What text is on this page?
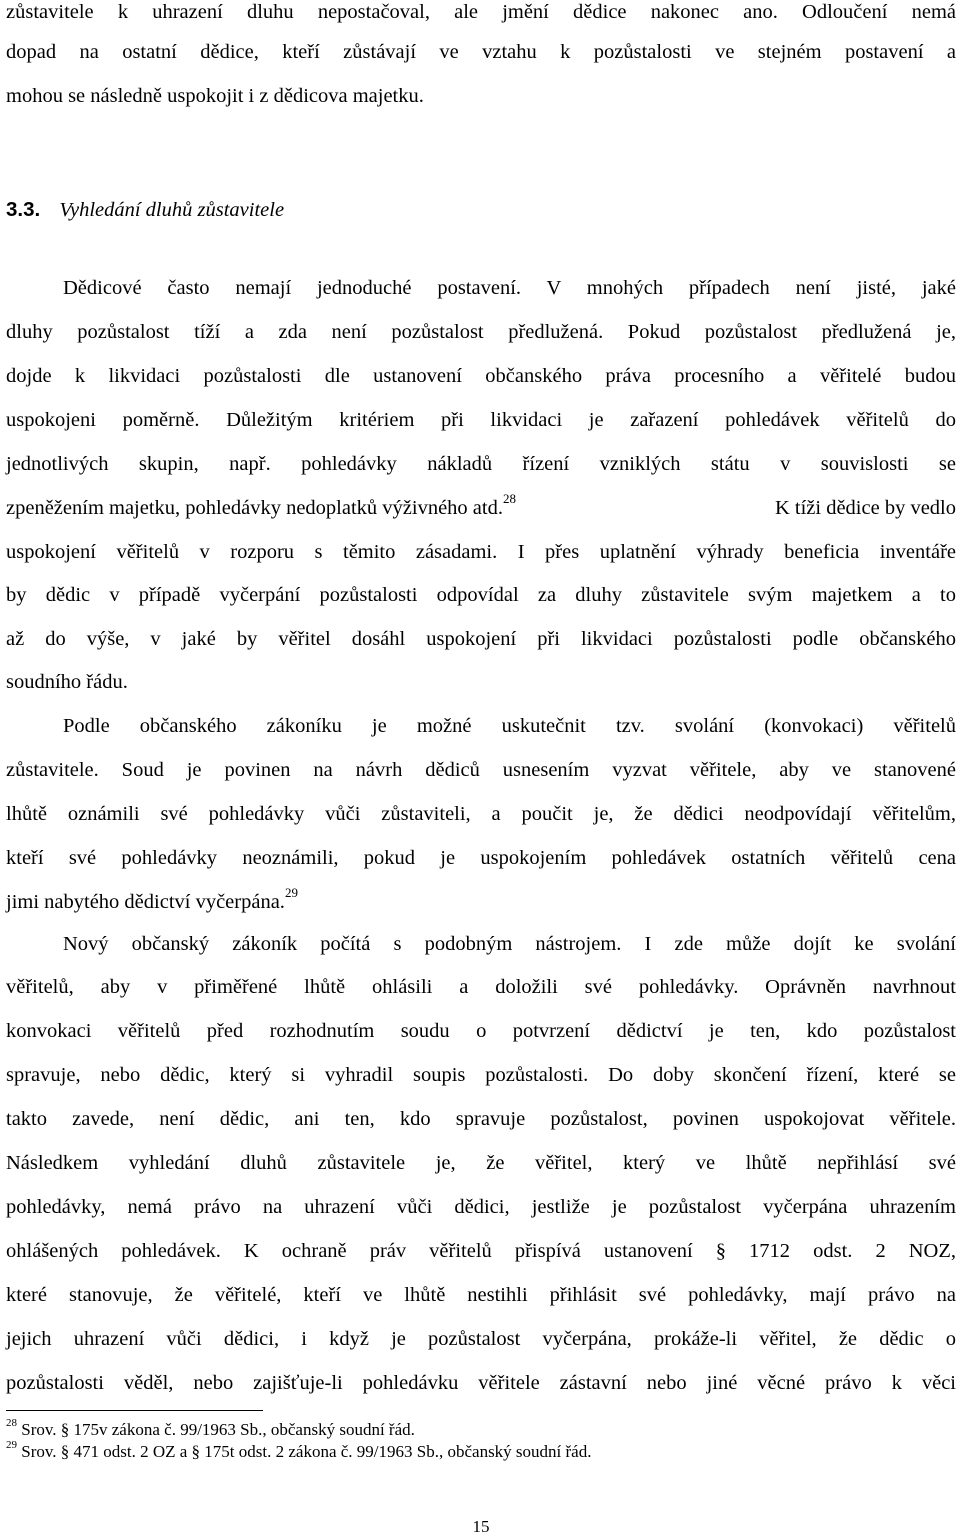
zůstavitele k uhrazení dluhu nepostačoval, ale jmění dědice nakonec ano. Odloučení nemá
dopad na ostatní dědice, kteří zůstávají ve vztahu k pozůstalosti ve stejném postavení a
mohou se následně uspokojit i z dědicova majetku.
3.3. Vyhledání dluhů zůstavitele
Dědicové často nemají jednoduché postavení. V mnohých případech není jisté, jaké
dluhy pozůstalost tíží a zda není pozůstalost předlužená. Pokud pozůstalost předlužená je,
dojde k likvidaci pozůstalosti dle ustanovení občanského práva procesního a věřitelé budou
uspokojeni poměrně. Důležitým kritériem při likvidaci je zařazení pohledávek věřitelů do
jednotlivých skupin, např. pohledávky nákladů řízení vzniklých státu v souvislosti se
zpeněžením majetku, pohledávky nedoplatků výživného atd.$^{28}$	K tíži dědice by vedlo
uspokojení věřitelů v rozporu s těmito zásadami. I přes uplatnění výhrady beneficia inventáře
by dědic v případě vyčerpání pozůstalosti odpovídal za dluhy zůstavitele svým majetkem a to
až do výše, v jaké by věřitel dosáhl uspokojení při likvidaci pozůstalosti podle občanského
soudního řádu.
Podle občanského zákoníku je možné uskutečnit tzv. svolání (konvokaci) věřitelů
zůstavitele. Soud je povinen na návrh dědiců usnesením vyzvat věřitele, aby ve stanovené
lhůtě oznámili své pohledávky vůči zůstaviteli, a poučit je, že dědici neodpovídají věřitelům,
kteří své pohledávky neoznámili, pokud je uspokojením pohledávek ostatních věřitelů cena
jimi nabytého dědictví vyčerpána.$^{29}$
Nový občanský zákoník počítá s podobným nástrojem. I zde může dojít ke svolání
věřitelů, aby v přiměřené lhůtě ohlásili a doložili své pohledávky. Oprávněn navrhnout
konvokaci věřitelů před rozhodnutím soudu o potvrzení dědictví je ten, kdo pozůstalost
spravuje, nebo dědic, který si vyhradil soupis pozůstalosti. Do doby skončení řízení, které se
takto zavede, není dědic, ani ten, kdo spravuje pozůstalost, povinen uspokojovat věřitele.
Následkem vyhledání dluhů zůstavitele je, že věřitel, který ve lhůtě nepřihlásí své
pohledávky, nemá právo na uhrazení vůči dědici, jestliže je pozůstalost vyčerpána uhrazením
ohlášených pohledávek. K ochraně práv věřitelů přispívá ustanovení § 1712 odst. 2 NOZ,
které stanovuje, že věřitelé, kteří ve lhůtě nestihli přihlásit své pohledávky, mají právo na
jejich uhrazení vůči dědici, i když je pozůstalost vyčerpána, prokáže-li věřitel, že dědic o
pozůstalosti věděl, nebo zajišťuje-li pohledávku věřitele zástavní nebo jiné věcné právo k věci
$^{28}$ Srov. § 175v zákona č. 99/1963 Sb., občanský soudní řád.
$^{29}$ Srov. § 471 odst. 2 OZ a § 175t odst. 2 zákona č. 99/1963 Sb., občanský soudní řád.
15
